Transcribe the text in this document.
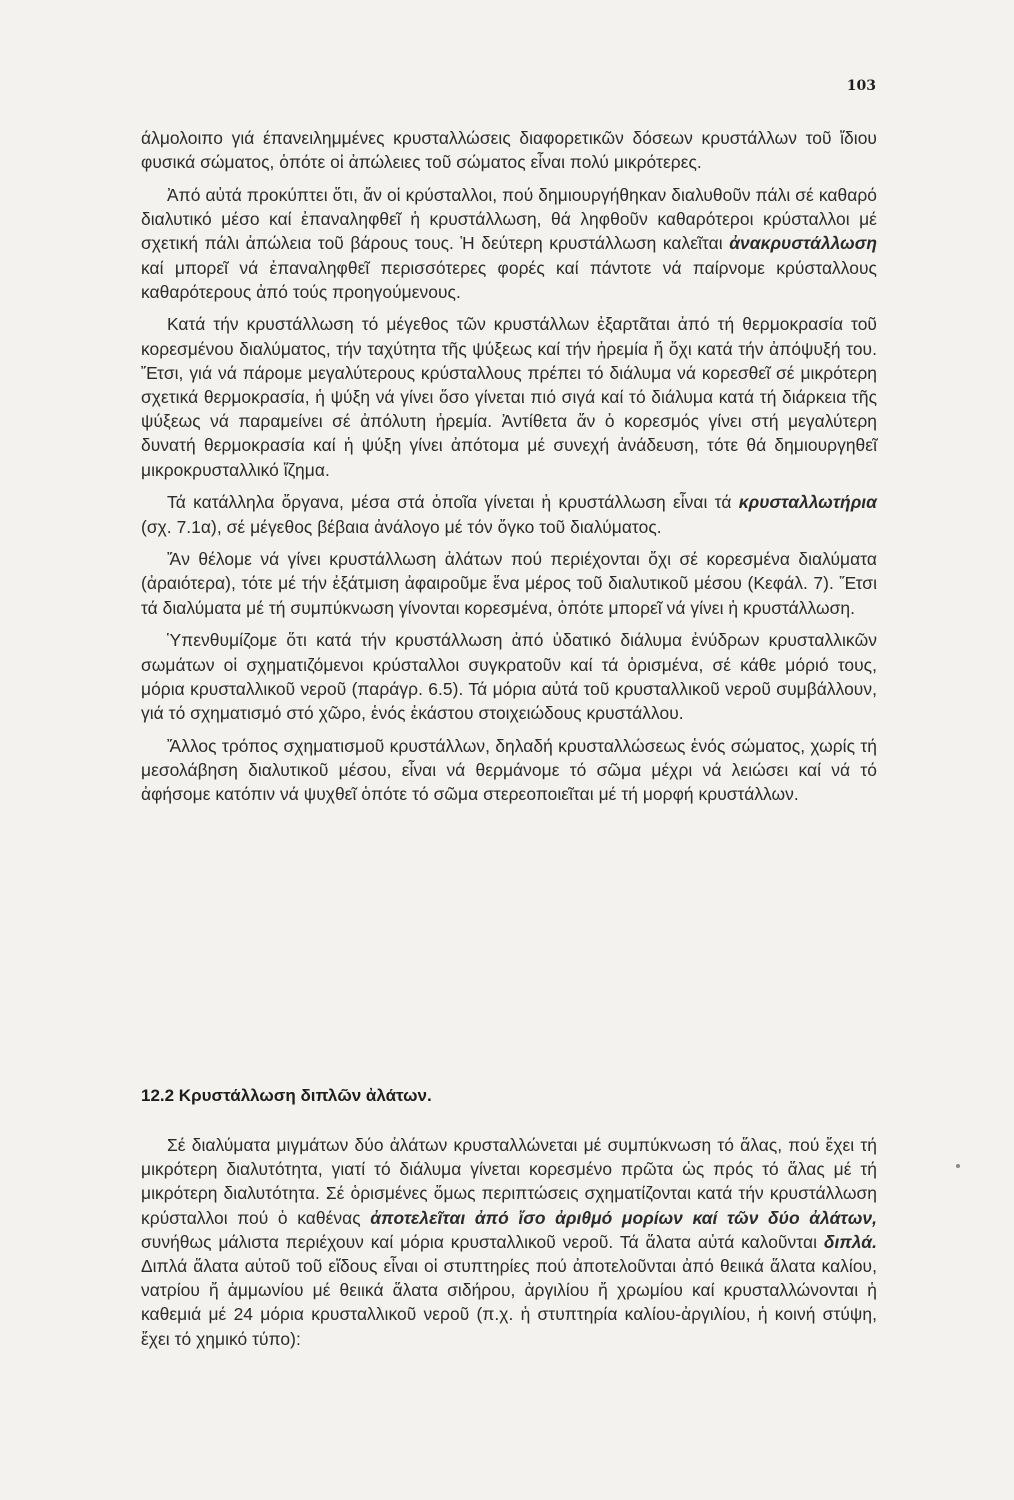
103

άλμολοιπο γιά έπανειλημμένες κρυσταλλώσεις διαφορετικῶν δόσεων κρυστάλλων τοῦ ἴδιου φυσικά σώματος, ὁπότε οἱ ἀπώλειες τοῦ σώματος εἶναι πολύ μικρότερες.

Ἀπό αὐτά προκύπτει ὅτι, ἄν οἱ κρύσταλλοι, πού δημιουργήθηκαν διαλυθοῦν πάλι σέ καθαρό διαλυτικό μέσο καί ἐπαναληφθεῖ ἡ κρυστάλλωση, θά ληφθοῦν καθαρότεροι κρύσταλλοι μέ σχετική πάλι ἀπώλεια τοῦ βάρους τους. Ἡ δεύτερη κρυστάλλωση καλεῖται ἀνακρυστάλλωση καί μπορεῖ νά ἐπαναληφθεῖ περισσότερες φορές καί πάντοτε νά παίρνομε κρύσταλλους καθαρότερους ἀπό τούς προηγούμενους.

Κατά τήν κρυστάλλωση τό μέγεθος τῶν κρυστάλλων ἐξαρτᾶται ἀπό τή θερμοκρασία τοῦ κορεσμένου διαλύματος, τήν ταχύτητα τῆς ψύξεως καί τήν ἠρεμία ἤ ὄχι κατά τήν ἀπόψυξή του. Ἔτσι, γιά νά πάρομε μεγαλύτερους κρύσταλλους πρέπει τό διάλυμα νά κορεσθεῖ σέ μικρότερη σχετικά θερμοκρασία, ἡ ψύξη νά γίνει ὅσο γίνεται πιό σιγά καί τό διάλυμα κατά τή διάρκεια τῆς ψύξεως νά παραμείνει σέ ἀπόλυτη ἠρεμία. Ἀντίθετα ἄν ὁ κορεσμός γίνει στή μεγαλύτερη δυνατή θερμοκρασία καί ἡ ψύξη γίνει ἀπότομα μέ συνεχή ἀνάδευση, τότε θά δημιουργηθεῖ μικροκρυσταλλικό ἴζημα.

Τά κατάλληλα ὄργανα, μέσα στά ὁποῖα γίνεται ἡ κρυστάλλωση εἶναι τά κρυσταλλωτήρια (σχ. 7.1α), σέ μέγεθος βέβαια ἀνάλογο μέ τόν ὄγκο τοῦ διαλύματος.

Ἄν θέλομε νά γίνει κρυστάλλωση ἀλάτων πού περιέχονται ὄχι σέ κορεσμένα διαλύματα (ἀραιότερα), τότε μέ τήν ἐξάτμιση ἀφαιροῦμε ἕνα μέρος τοῦ διαλυτικοῦ μέσου (Κεφάλ. 7). Ἔτσι τά διαλύματα μέ τή συμπύκνωση γίνονται κορεσμένα, ὁπότε μπορεῖ νά γίνει ἡ κρυστάλλωση.

Ὑπενθυμίζομε ὅτι κατά τήν κρυστάλλωση ἀπό ὑδατικό διάλυμα ἐνύδρων κρυσταλλικῶν σωμάτων οἱ σχηματιζόμενοι κρύσταλλοι συγκρατοῦν καί τά ὁρισμένα, σέ κάθε μόριό τους, μόρια κρυσταλλικοῦ νεροῦ (παράγρ. 6.5). Τά μόρια αὐτά τοῦ κρυσταλλικοῦ νεροῦ συμβάλλουν, γιά τό σχηματισμό στό χῶρο, ἑνός ἑκάστου στοιχειώδους κρυστάλλου.

Ἄλλος τρόπος σχηματισμοῦ κρυστάλλων, δηλαδή κρυσταλλώσεως ἑνός σώματος, χωρίς τή μεσολάβηση διαλυτικοῦ μέσου, εἶναι νά θερμάνομε τό σῶμα μέχρι νά λειώσει καί νά τό ἀφήσομε κατόπιν νά ψυχθεῖ ὁπότε τό σῶμα στερεοποιεῖται μέ τή μορφή κρυστάλλων.

12.2 Κρυστάλλωση διπλῶν ἀλάτων.

Σέ διαλύματα μιγμάτων δύο ἀλάτων κρυσταλλώνεται μέ συμπύκνωση τό ἅλας, πού ἔχει τή μικρότερη διαλυτότητα, γιατί τό διάλυμα γίνεται κορεσμένο πρῶτα ὡς πρός τό ἅλας μέ τή μικρότερη διαλυτότητα. Σέ ὁρισμένες ὅμως περιπτώσεις σχηματίζονται κατά τήν κρυστάλλωση κρύσταλλοι πού ὁ καθένας ἀποτελεῖται ἀπό ἴσο ἀριθμό μορίων καί τῶν δύο ἀλάτων, συνήθως μάλιστα περιέχουν καί μόρια κρυσταλλικοῦ νεροῦ. Τά ἅλατα αὐτά καλοῦνται διπλά. Διπλά ἅλατα αὐτοῦ τοῦ εἴδους εἶναι οἱ στυπτηρίες πού ἀποτελοῦνται ἀπό θειικά ἅλατα καλίου, νατρίου ἤ ἀμμωνίου μέ θειικά ἅλατα σιδήρου, ἀργιλίου ἤ χρωμίου καί κρυσταλλώνονται ἡ καθεμιά μέ 24 μόρια κρυσταλλικοῦ νεροῦ (π.χ. ἡ στυπτηρία καλίου-ἀργιλίου, ἡ κοινή στύψη, ἔχει τό χημικό τύπο):
